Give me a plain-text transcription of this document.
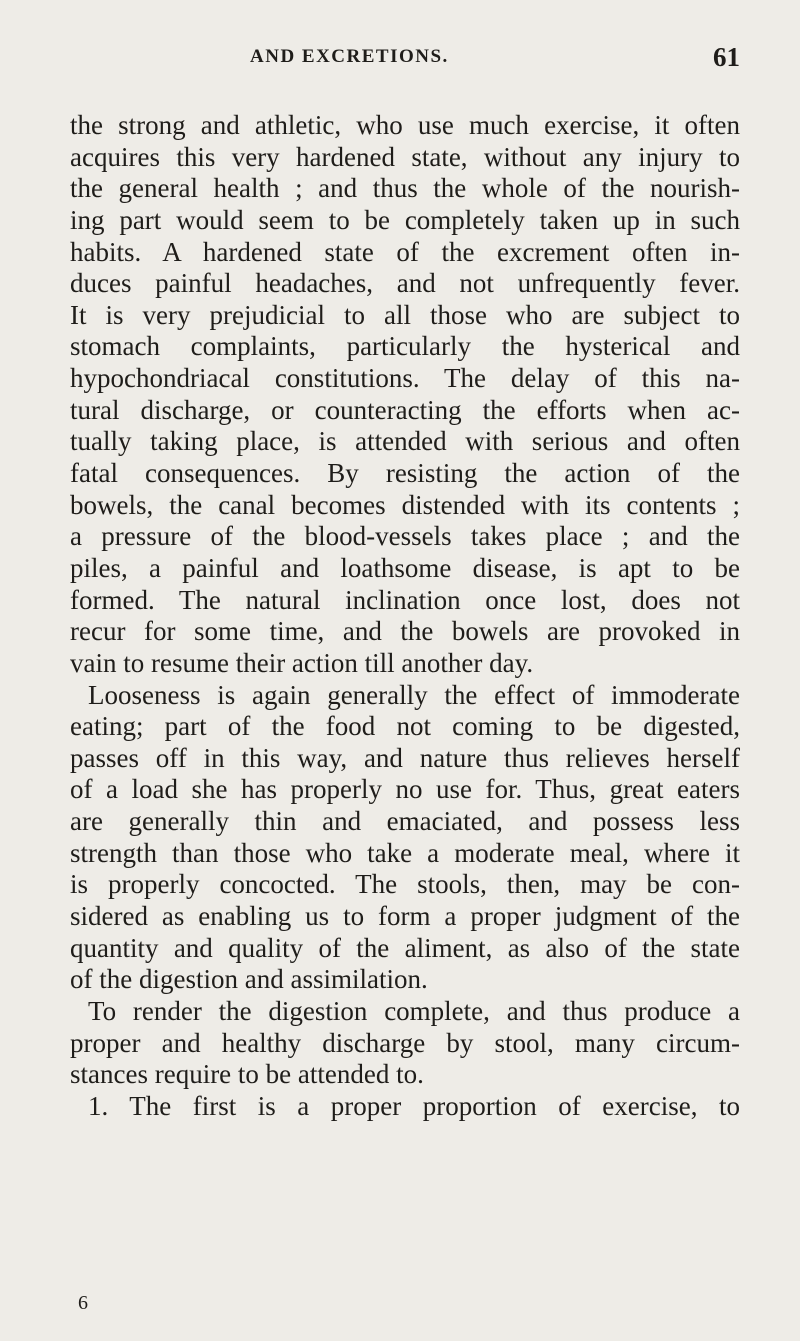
AND EXCRETIONS.	61
the strong and athletic, who use much exercise, it often
acquires this very hardened state, without any injury to
the general health ; and thus the whole of the nourish-
ing part would seem to be completely taken up in such
habits. A hardened state of the excrement often in-
duces painful headaches, and not unfrequently fever.
It is very prejudicial to all those who are subject to
stomach complaints, particularly the hysterical and
hypochondriacal constitutions. The delay of this na-
tural discharge, or counteracting the efforts when ac-
tually taking place, is attended with serious and often
fatal consequences. By resisting the action of the
bowels, the canal becomes distended with its contents ;
a pressure of the blood-vessels takes place ; and the
piles, a painful and loathsome disease, is apt to be
formed. The natural inclination once lost, does not
recur for some time, and the bowels are provoked in
vain to resume their action till another day.
Looseness is again generally the effect of immoderate
eating; part of the food not coming to be digested,
passes off in this way, and nature thus relieves herself
of a load she has properly no use for. Thus, great eaters
are generally thin and emaciated, and possess less
strength than those who take a moderate meal, where it
is properly concocted. The stools, then, may be con-
sidered as enabling us to form a proper judgment of the
quantity and quality of the aliment, as also of the state
of the digestion and assimilation.
To render the digestion complete, and thus produce a
proper and healthy discharge by stool, many circum-
stances require to be attended to.
1. The first is a proper proportion of exercise, to
6
